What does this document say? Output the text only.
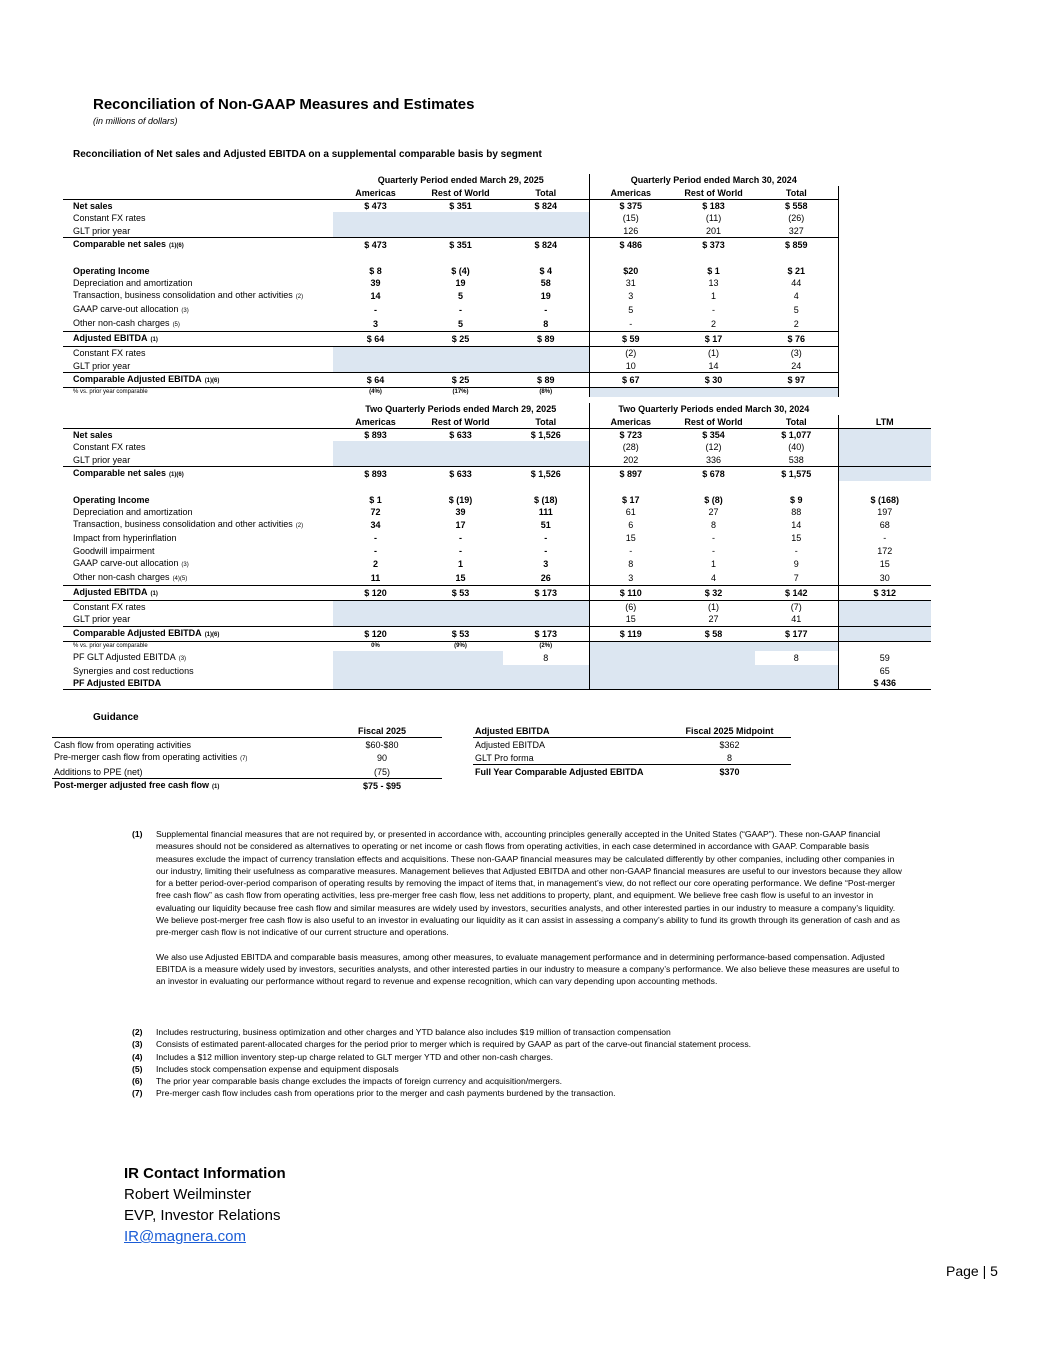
Reconciliation of Non-GAAP Measures and Estimates
(in millions of dollars)
Reconciliation of Net sales and Adjusted EBITDA on a supplemental comparable basis by segment
	Quarterly Period ended March 29, 2025			Quarterly Period ended March 30, 2024		
	Americas	Rest of World	Total	Americas	Rest of World	Total
Net sales	$ 473	$ 351	$ 824	$ 375	$ 183	$ 558
Constant FX rates				(15)	(11)	(26)
GLT prior year				126	201	327
Comparable net sales (1)(6)	$ 473	$ 351	$ 824	$ 486	$ 373	$ 859

Operating Income	$ 8	$ (4)	$ 4	$20	$ 1	$ 21
Depreciation and amortization	39	19	58	31	13	44
Transaction, business consolidation and other activities (2)	14	5	19	3	1	4
GAAP carve-out allocation (3)	-	-	-	5	-	5
Other non-cash charges (5)	3	5	8	-	2	2
Adjusted EBITDA (1)	$ 64	$ 25	$ 89	$ 59	$ 17	$ 76
Constant FX rates				(2)	(1)	(3)
GLT prior year				10	14	24
Comparable Adjusted EBITDA (1)(6)	$ 64	$ 25	$ 89	$ 67	$ 30	$ 97
% vs. prior year comparable	(4%)	(17%)	(8%)			
	Two Quarterly Periods ended March 29, 2025			Two Quarterly Periods ended March 30, 2024			
	Americas	Rest of World	Total	Americas	Rest of World	Total	LTM
Net sales	$ 893	$ 633	$ 1,526	$ 723	$ 354	$ 1,077	
Constant FX rates				(28)	(12)	(40)	
GLT prior year				202	336	538	
Comparable net sales (1)(6)	$ 893	$ 633	$ 1,526	$ 897	$ 678	$ 1,575	

Operating Income	$ 1	$ (19)	$ (18)	$ 17	$ (8)	$ 9	$ (168)
Depreciation and amortization	72	39	111	61	27	88	197
Transaction, business consolidation and other activities (2)	34	17	51	6	8	14	68
Impact from hyperinflation	-	-	-	15	-	15	-
Goodwill impairment	-	-	-	-	-	-	172
GAAP carve-out allocation (3)	2	1	3	8	1	9	15
Other non-cash charges (4)(5)	11	15	26	3	4	7	30
Adjusted EBITDA (1)	$ 120	$ 53	$ 173	$ 110	$ 32	$ 142	$ 312
Constant FX rates				(6)	(1)	(7)	
GLT prior year				15	27	41	
Comparable Adjusted EBITDA (1)(6)	$ 120	$ 53	$ 173	$ 119	$ 58	$ 177	
% vs. prior year comparable	0%	(9%)	(2%)				
PF GLT Adjusted EBITDA (3)			8			8	59
Synergies and cost reductions							65
PF Adjusted EBITDA							$ 436
Guidance
	Fiscal 2025
Cash flow from operating activities	$60-$80
Pre-merger cash flow from operating activities (7)	90
Additions to PPE (net)	(75)
Post-merger adjusted free cash flow (1)	$75 - $95
Adjusted EBITDA	Fiscal 2025 Midpoint
Adjusted EBITDA	$362
GLT Pro forma	8
Full Year Comparable Adjusted EBITDA	$370
(1)	Supplemental financial measures that are not required by, or presented in accordance with, accounting principles generally accepted in the United States (“GAAP”). These non-GAAP financial measures should not be considered as alternatives to operating or net income or cash flows from operating activities, in each case determined in accordance with GAAP. Comparable basis measures exclude the impact of currency translation effects and acquisitions. These non-GAAP financial measures may be calculated differently by other companies, including other companies in our industry, limiting their usefulness as comparative measures. Management believes that Adjusted EBITDA and other non-GAAP financial measures are useful to our investors because they allow for a better period-over-period comparison of operating results by removing the impact of items that, in management’s view, do not reflect our core operating performance. We define “Post-merger free cash flow” as cash flow from operating activities, less pre-merger free cash flow, less net additions to property, plant, and equipment. We believe free cash flow is useful to an investor in evaluating our liquidity because free cash flow and similar measures are widely used by investors, securities analysts, and other interested parties in our industry to measure a company’s liquidity. We believe post-merger free cash flow is also useful to an investor in evaluating our liquidity as it can assist in assessing a company’s ability to fund its growth through its generation of cash and as pre-merger cash flow is not indicative of our current structure and operations.
We also use Adjusted EBITDA and comparable basis measures, among other measures, to evaluate management performance and in determining performance-based compensation. Adjusted EBITDA is a measure widely used by investors, securities analysts, and other interested parties in our industry to measure a company’s performance. We also believe these measures are useful to an investor in evaluating our performance without regard to revenue and expense recognition, which can vary depending upon accounting methods.
(2)	Includes restructuring, business optimization and other charges and YTD balance also includes $19 million of transaction compensation
(3)	Consists of estimated parent-allocated charges for the period prior to merger which is required by GAAP as part of the carve-out financial statement process.
(4)	Includes a $12 million inventory step-up charge related to GLT merger YTD and other non-cash charges.
(5)	Includes stock compensation expense and equipment disposals
(6)	The prior year comparable basis change excludes the impacts of foreign currency and acquisition/mergers.
(7)	Pre-merger cash flow includes cash from operations prior to the merger and cash payments burdened by the transaction.
IR Contact Information
Robert Weilminster
EVP, Investor Relations
IR@magnera.com
Page | 5
